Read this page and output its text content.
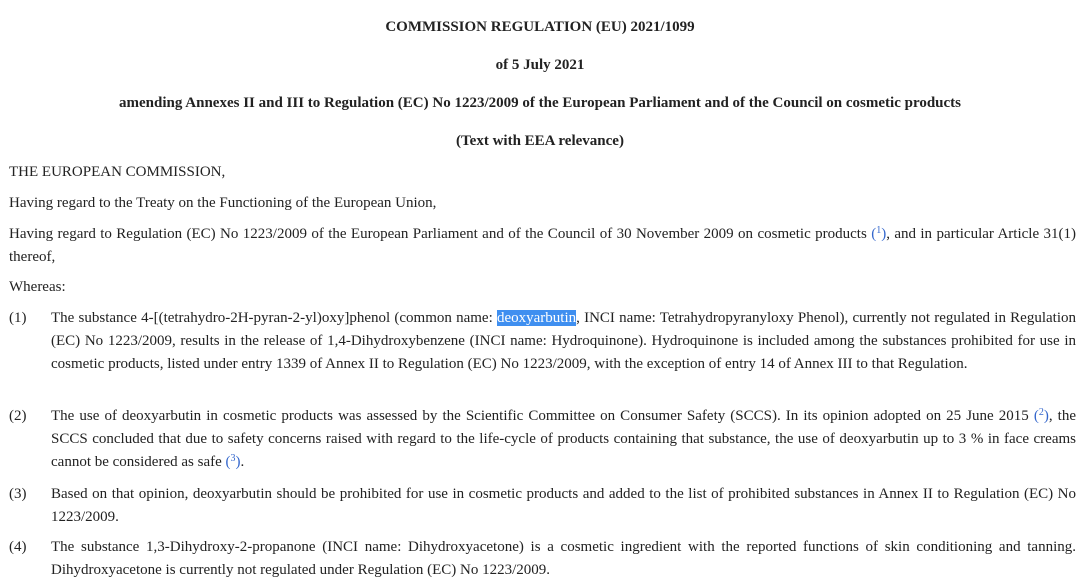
COMMISSION REGULATION (EU) 2021/1099

of 5 July 2021

amending Annexes II and III to Regulation (EC) No 1223/2009 of the European Parliament and of the Council on cosmetic products

(Text with EEA relevance)

THE EUROPEAN COMMISSION,

Having regard to the Treaty on the Functioning of the European Union,

Having regard to Regulation (EC) No 1223/2009 of the European Parliament and of the Council of 30 November 2009 on cosmetic products ($^1$), and in particular Article 31(1) thereof,

Whereas:

(1)	The substance 4-[(tetrahydro-2H-pyran-2-yl)oxy]phenol (common name: deoxyarbutin, INCI name: Tetrahydropyranyloxy Phenol), currently not regulated in Regulation (EC) No 1223/2009, results in the release of 1,4-Dihydroxybenzene (INCI name: Hydroquinone). Hydroquinone is included among the substances prohibited for use in cosmetic products, listed under entry 1339 of Annex II to Regulation (EC) No 1223/2009, with the exception of entry 14 of Annex III to that Regulation.
(2)	The use of deoxyarbutin in cosmetic products was assessed by the Scientific Committee on Consumer Safety (SCCS). In its opinion adopted on 25 June 2015 ($^2$), the SCCS concluded that due to safety concerns raised with regard to the life-cycle of products containing that substance, the use of deoxyarbutin up to 3 % in face creams cannot be considered as safe ($^3$).
(3)	Based on that opinion, deoxyarbutin should be prohibited for use in cosmetic products and added to the list of prohibited substances in Annex II to Regulation (EC) No 1223/2009.
(4)	The substance 1,3-Dihydroxy-2-propanone (INCI name: Dihydroxyacetone) is a cosmetic ingredient with the reported functions of skin conditioning and tanning. Dihydroxyacetone is currently not regulated under Regulation (EC) No 1223/2009.
